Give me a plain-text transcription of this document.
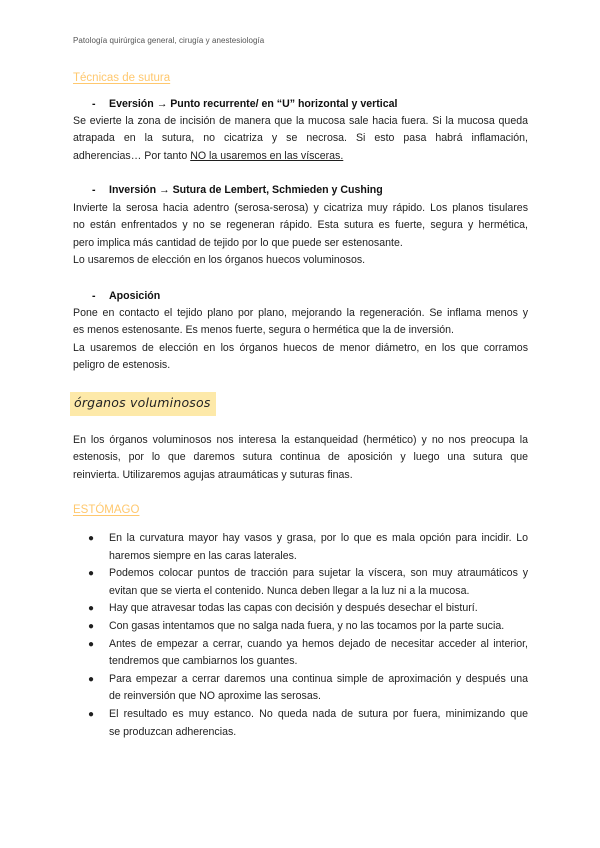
Patología quirúrgica general, cirugía y anestesiología
Técnicas de sutura
- Eversión → Punto recurrente/ en “U” horizontal y vertical
Se evierte la zona de incisión de manera que la mucosa sale hacia fuera. Si la mucosa queda
atrapada en la sutura, no cicatriza y se necrosa. Si esto pasa habrá inflamación,
adherencias… Por tanto NO la usaremos en las vísceras.
- Inversión → Sutura de Lembert, Schmieden y Cushing
Invierte la serosa hacia adentro (serosa-serosa) y cicatriza muy rápido. Los planos tisulares
no están enfrentados y no se regeneran rápido. Esta sutura es fuerte, segura y hermética,
pero implica más cantidad de tejido por lo que puede ser estenosante.
Lo usaremos de elección en los órganos huecos voluminosos.
- Aposición
Pone en contacto el tejido plano por plano, mejorando la regeneración. Se inflama menos y
es menos estenosante. Es menos fuerte, segura o hermética que la de inversión.
La usaremos de elección en los órganos huecos de menor diámetro, en los que corramos
peligro de estenosis.
órganos voluminosos
En los órganos voluminosos nos interesa la estanqueidad (hermético) y no nos preocupa la
estenosis, por lo que daremos sutura continua de aposición y luego una sutura que
reinvierta. Utilizaremos agujas atraumáticas y suturas finas.
ESTÓMAGO
● En la curvatura mayor hay vasos y grasa, por lo que es mala opción para incidir. Lo
haremos siempre en las caras laterales.
● Podemos colocar puntos de tracción para sujetar la víscera, son muy atraumáticos y
evitan que se vierta el contenido. Nunca deben llegar a la luz ni a la mucosa.
● Hay que atravesar todas las capas con decisión y después desechar el bisturí.
● Con gasas intentamos que no salga nada fuera, y no las tocamos por la parte sucia.
● Antes de empezar a cerrar, cuando ya hemos dejado de necesitar acceder al interior,
tendremos que cambiarnos los guantes.
● Para empezar a cerrar daremos una continua simple de aproximación y después una
de reinversión que NO aproxime las serosas.
● El resultado es muy estanco. No queda nada de sutura por fuera, minimizando que
se produzcan adherencias.
